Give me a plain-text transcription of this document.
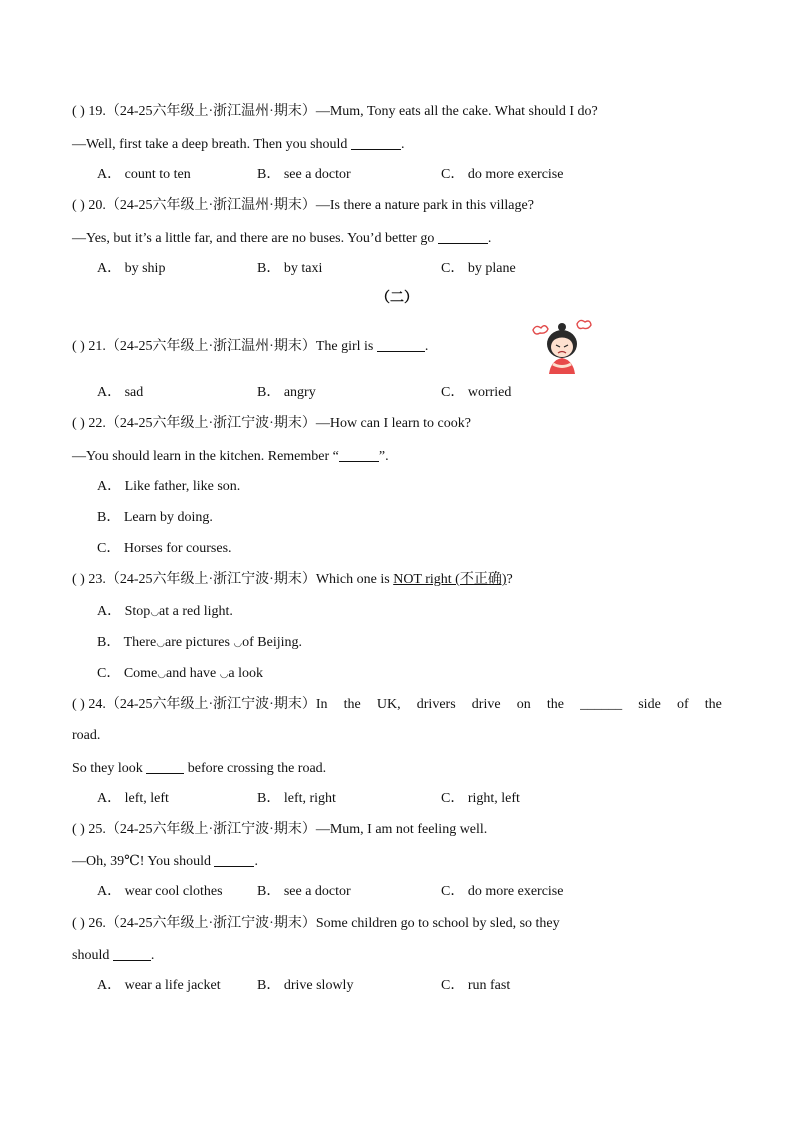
( ) 19.（24-25六年级上·浙江温州·期末）—Mum, Tony eats all the cake. What should I do?
—Well, first take a deep breath. Then you should	.
A． count to ten	B． see a doctor	C． do more exercise
( ) 20.（24-25六年级上·浙江温州·期末）—Is there a nature park in this village?
—Yes, but it’s a little far, and there are no buses. You’d better go	.
A． by ship	B． by taxi	C． by plane
（二）
( ) 21.（24-25六年级上·浙江温州·期末）The girl is	.
A． sad	B． angry	C． worried
( ) 22.（24-25六年级上·浙江宁波·期末）—How can I learn to cook?
—You should learn in the kitchen. Remember “	”.
A． Like father, like son.
B． Learn by doing.
C． Horses for courses.
( ) 23.（24-25六年级上·浙江宁波·期末）Which one is NOT right (不正确)?
A． Stop◡at a red light.
B． There◡are pictures ◡of Beijing.
C． Come◡and have ◡a look
( ) 24.（24-25六年级上·浙江宁波·期末）In the UK, drivers drive on the ______ side of the
road.
So they look	before crossing the road.
A． left, left	B． left, right	C． right, left
( ) 25.（24-25六年级上·浙江宁波·期末）—Mum, I am not feeling well.
—Oh, 39℃! You should	.
A． wear cool clothes B． see a doctor	C． do more exercise
( ) 26.（24-25六年级上·浙江宁波·期末）Some children go to school by sled, so they
should	.
A． wear a life jacket	B． drive slowly	C． run fast
